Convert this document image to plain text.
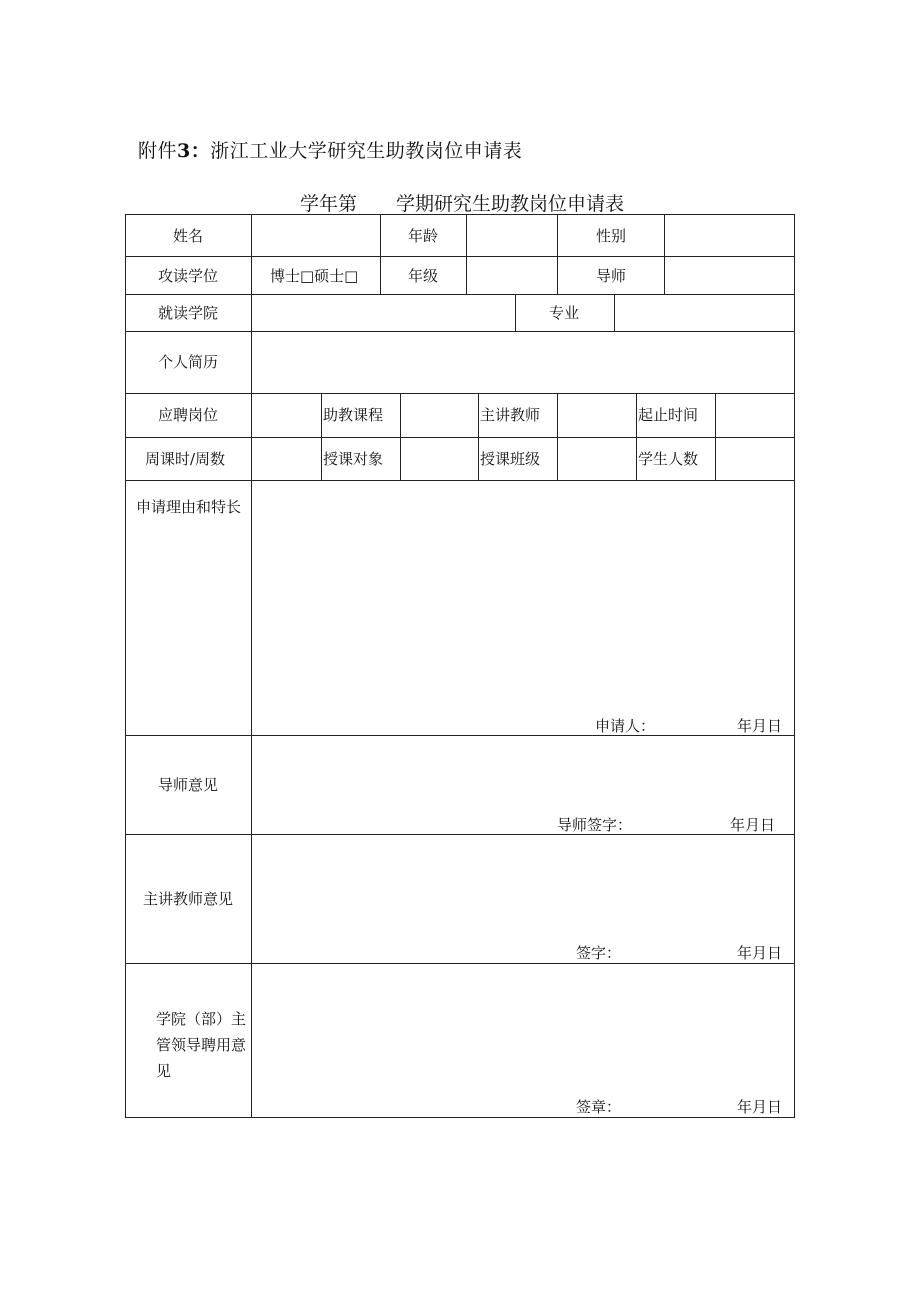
附件3：浙江工业大学研究生助教岗位申请表
学年第 学期研究生助教岗位申请表
姓名	年龄	性别
攻读学位	博士□硕士□	年级	导师
就读学院	专业
个人简历
应聘岗位	助教课程	主讲教师	起止时间
周课时/周数	授课对象	授课班级	学生人数
申请理由和特长
申请人：	年月日
导师意见
导师签字：	年月日
主讲教师意见
签字：	年月日
学院（部）主管领导聘用意见
签章：	年月日
